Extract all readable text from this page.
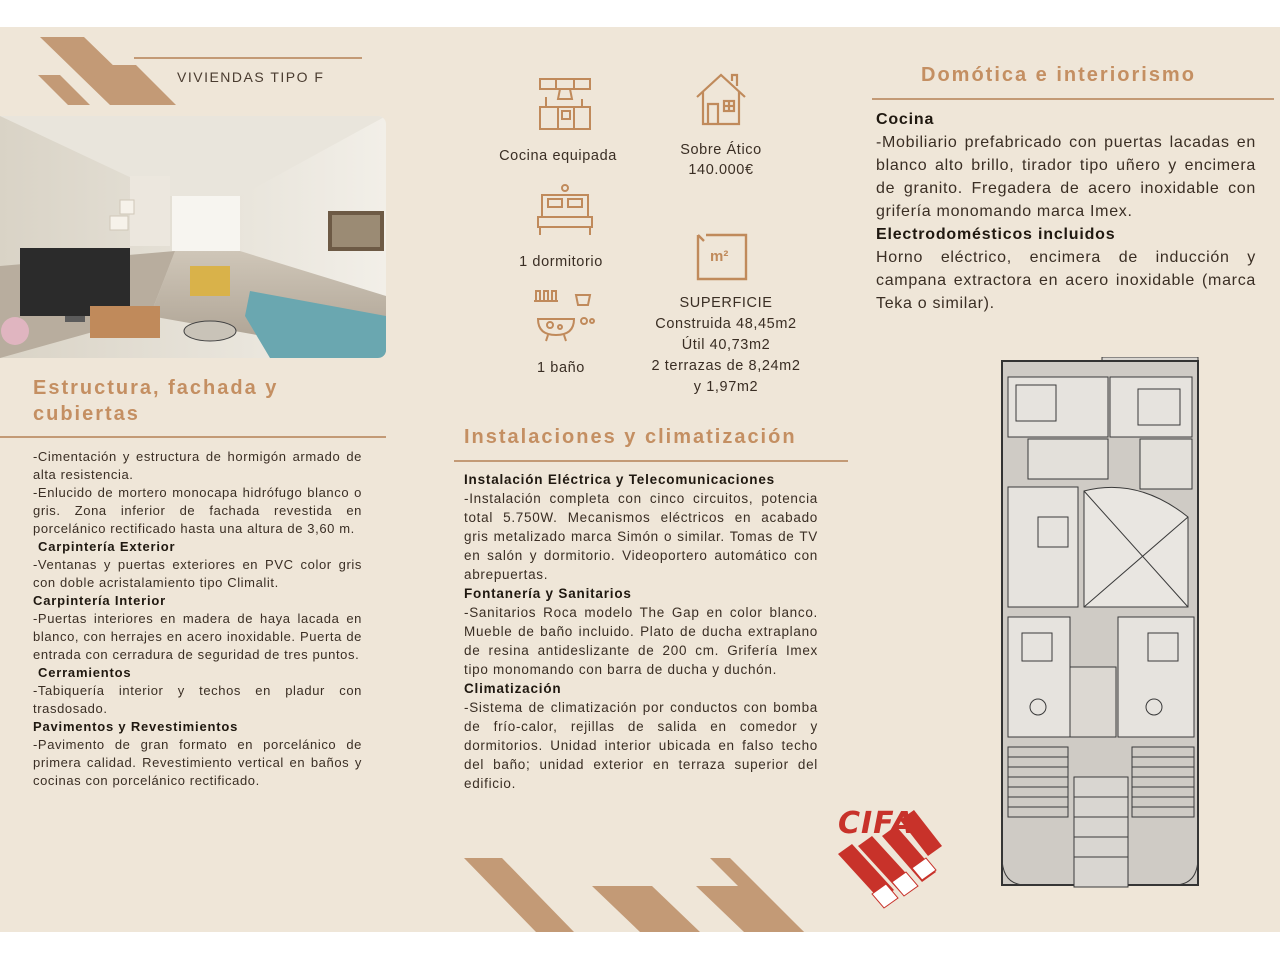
VIVIENDAS TIPO F
Estructura, fachada y cubiertas

-Cimentación y estructura de hormigón armado de alta resistencia.

-Enlucido de mortero monocapa hidrófugo blanco o gris. Zona inferior de fachada revestida en porcelánico rectificado hasta una altura de 3,60 m.

Carpintería Exterior

-Ventanas y puertas exteriores en PVC color gris con doble acristalamiento tipo Climalit.

Carpintería Interior

-Puertas interiores en madera de haya lacada en blanco, con herrajes en acero inoxidable. Puerta de entrada con cerradura de seguridad de tres puntos.

Cerramientos

-Tabiquería interior y techos en pladur con trasdosado.

Pavimentos y Revestimientos

-Pavimento de gran formato en porcelánico de primera calidad. Revestimiento vertical en baños y cocinas con porcelánico rectificado.

Cocina equipada	Sobre Ático
140.000€
1 dormitorio	m²
1 baño
SUPERFICIE
Construida 48,45m2
Útil 40,73m2
2 terrazas de 8,24m2
y 1,97m2
Instalaciones y climatización

Instalación Eléctrica y Telecomunicaciones

-Instalación completa con cinco circuitos, potencia total 5.750W. Mecanismos eléctricos en acabado gris metalizado marca Simón o similar. Tomas de TV en salón y dormitorio. Videoportero automático con abrepuertas.

Fontanería y Sanitarios

-Sanitarios Roca modelo The Gap en color blanco. Mueble de baño incluido. Plato de ducha extraplano de resina antideslizante de 200 cm. Grifería Imex tipo monomando con barra de ducha y duchón.

Climatización

-Sistema de climatización por conductos con bomba de frío-calor, rejillas de salida en comedor y dormitorios. Unidad interior ubicada en falso techo del baño; unidad exterior en terraza superior del edificio.

Domótica e interiorismo

Cocina

-Mobiliario prefabricado con puertas lacadas en blanco alto brillo, tirador tipo uñero y encimera de granito. Fregadera de acero inoxidable con grifería monomando marca Imex.

Electrodomésticos incluidos

Horno eléctrico, encimera de inducción y campana extractora en acero inoxidable (marca Teka o similar).

CIFA
